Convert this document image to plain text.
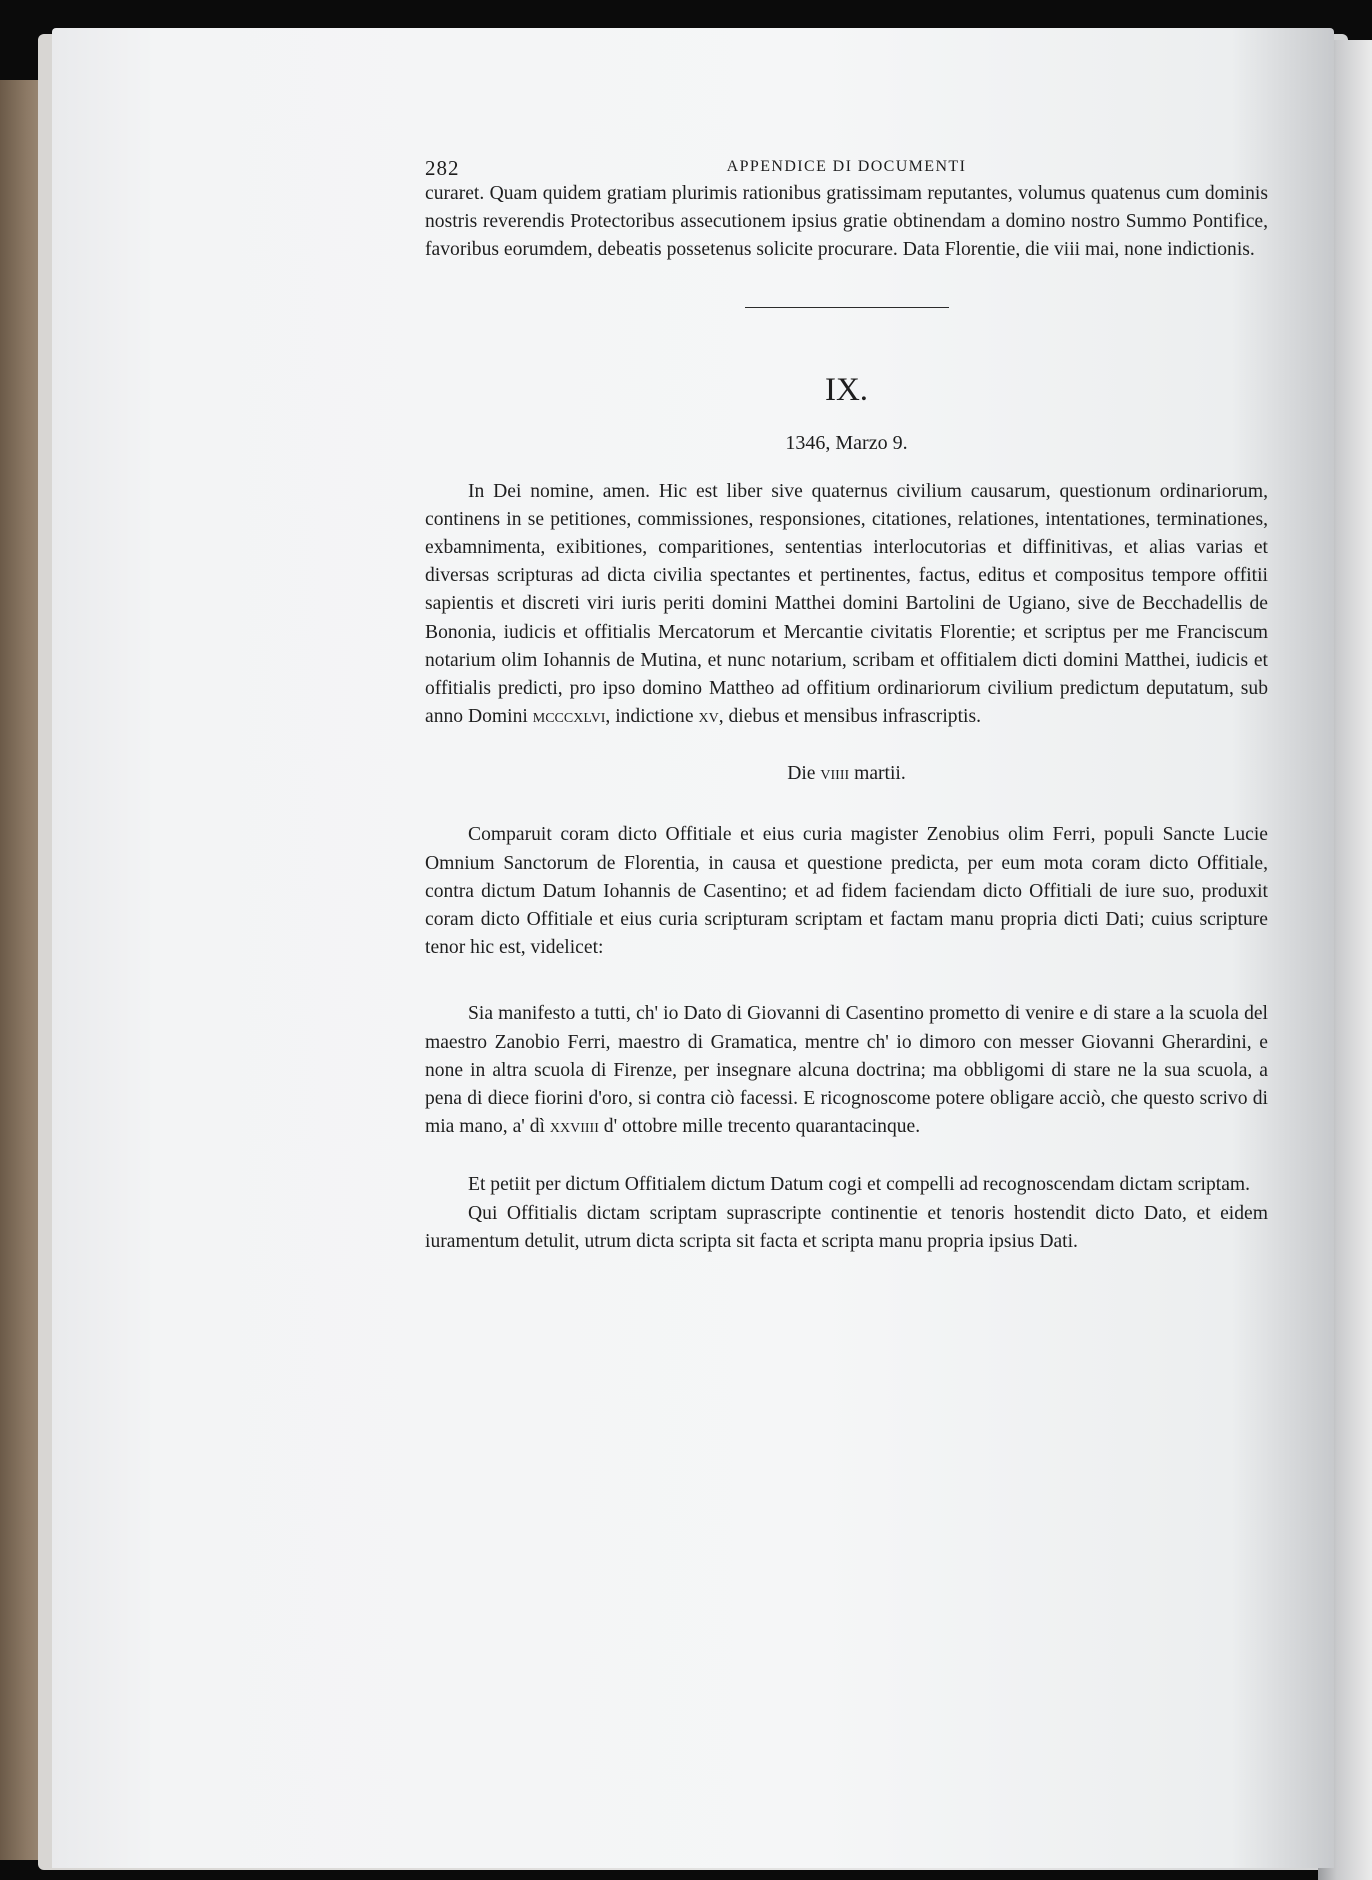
282	APPENDICE DI DOCUMENTI

curaret. Quam quidem gratiam plurimis rationibus gratissimam reputantes, volumus quatenus cum dominis nostris reverendis Protectoribus assecutionem ipsius gratie obtinendam a domino nostro Summo Pontifice, favoribus eorumdem, debeatis possetenus solicite procurare. Data Florentie, die viii mai, none indictionis.

IX.
1346, Marzo 9.

In Dei nomine, amen. Hic est liber sive quaternus civilium causarum, questionum ordinariorum, continens in se petitiones, commissiones, responsiones, citationes, relationes, intentationes, terminationes, exbamnimenta, exibitiones, comparitiones, sententias interlocutorias et diffinitivas, et alias varias et diversas scripturas ad dicta civilia spectantes et pertinentes, factus, editus et compositus tempore offitii sapientis et discreti viri iuris periti domini Matthei domini Bartolini de Ugiano, sive de Becchadellis de Bononia, iudicis et offitialis Mercatorum et Mercantie civitatis Florentie; et scriptus per me Franciscum notarium olim Iohannis de Mutina, et nunc notarium, scribam et offitialem dicti domini Matthei, iudicis et offitialis predicti, pro ipso domino Mattheo ad offitium ordinariorum civilium predictum deputatum, sub anno Domini mcccxlvi, indictione xv, diebus et mensibus infrascriptis.

Die viiii martii.

Comparuit coram dicto Offitiale et eius curia magister Zenobius olim Ferri, populi Sancte Lucie Omnium Sanctorum de Florentia, in causa et questione predicta, per eum mota coram dicto Offitiale, contra dictum Datum Iohannis de Casentino; et ad fidem faciendam dicto Offitiali de iure suo, produxit coram dicto Offitiale et eius curia scripturam scriptam et factam manu propria dicti Dati; cuius scripture tenor hic est, videlicet:

Sia manifesto a tutti, ch' io Dato di Giovanni di Casentino prometto di venire e di stare a la scuola del maestro Zanobio Ferri, maestro di Gramatica, mentre ch' io dimoro con messer Giovanni Gherardini, e none in altra scuola di Firenze, per insegnare alcuna doctrina; ma obbligomi di stare ne la sua scuola, a pena di diece fiorini d'oro, si contra ciò facessi. E ricognoscome potere obligare acciò, che questo scrivo di mia mano, a' dì xxviiii d' ottobre mille trecento quarantacinque.

Et petiit per dictum Offitialem dictum Datum cogi et compelli ad recognoscendam dictam scriptam.

Qui Offitialis dictam scriptam suprascripte continentie et tenoris hostendit dicto Dato, et eidem iuramentum detulit, utrum dicta scripta sit facta et scripta manu propria ipsius Dati.
